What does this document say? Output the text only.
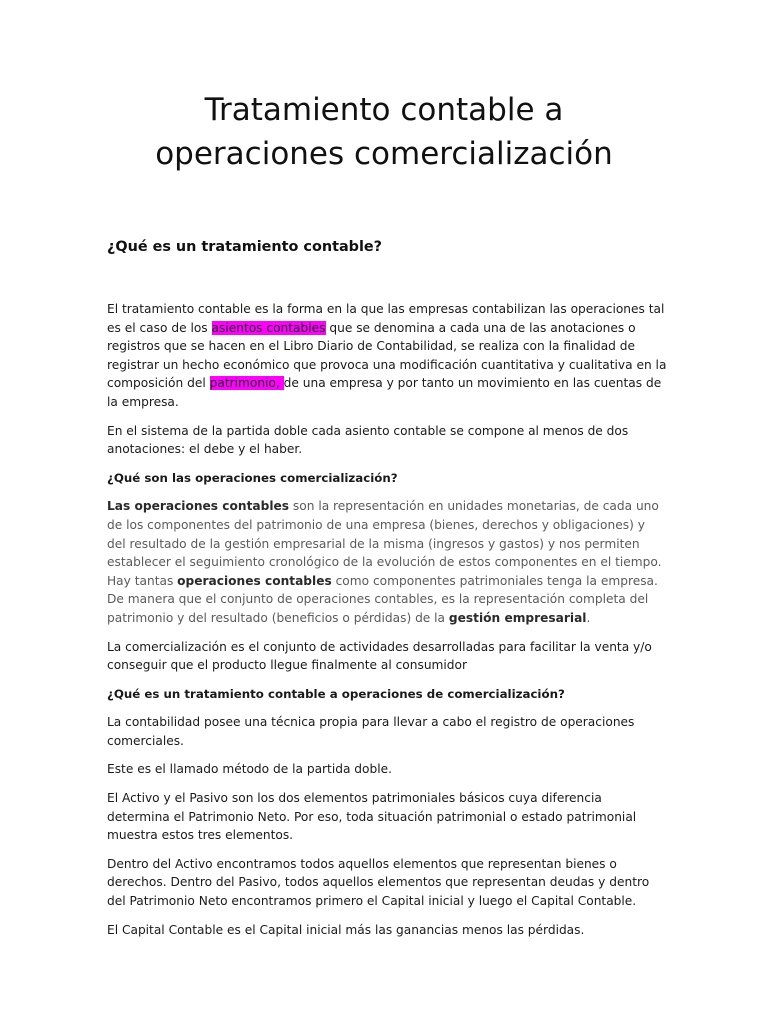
Tratamiento contable a
operaciones comercialización
¿Qué es un tratamiento contable?
El tratamiento contable es la forma en la que las empresas contabilizan las operaciones tal es el caso de los asientos contables que se denomina a cada una de las anotaciones o registros que se hacen en el Libro Diario de Contabilidad, se realiza con la finalidad de registrar un hecho económico que provoca una modificación cuantitativa y cualitativa en la composición del patrimonio, de una empresa y por tanto un movimiento en las cuentas de la empresa.
En el sistema de la partida doble cada asiento contable se compone al menos de dos anotaciones: el debe y el haber.
¿Qué son las operaciones comercialización?
Las operaciones contables son la representación en unidades monetarias, de cada uno de los componentes del patrimonio de una empresa (bienes, derechos y obligaciones) y del resultado de la gestión empresarial de la misma (ingresos y gastos) y nos permiten establecer el seguimiento cronológico de la evolución de estos componentes en el tiempo. Hay tantas operaciones contables como componentes patrimoniales tenga la empresa. De manera que el conjunto de operaciones contables, es la representación completa del patrimonio y del resultado (beneficios o pérdidas) de la gestión empresarial.
La comercialización es el conjunto de actividades desarrolladas para facilitar la venta y/o conseguir que el producto llegue finalmente al consumidor
¿Qué es un tratamiento contable a operaciones de comercialización?
La contabilidad posee una técnica propia para llevar a cabo el registro de operaciones comerciales.
Este es el llamado método de la partida doble.
El Activo y el Pasivo son los dos elementos patrimoniales básicos cuya diferencia determina el Patrimonio Neto. Por eso, toda situación patrimonial o estado patrimonial muestra estos tres elementos.
Dentro del Activo encontramos todos aquellos elementos que representan bienes o derechos. Dentro del Pasivo, todos aquellos elementos que representan deudas y dentro del Patrimonio Neto encontramos primero el Capital inicial y luego el Capital Contable.
El Capital Contable es el Capital inicial más las ganancias menos las pérdidas.
